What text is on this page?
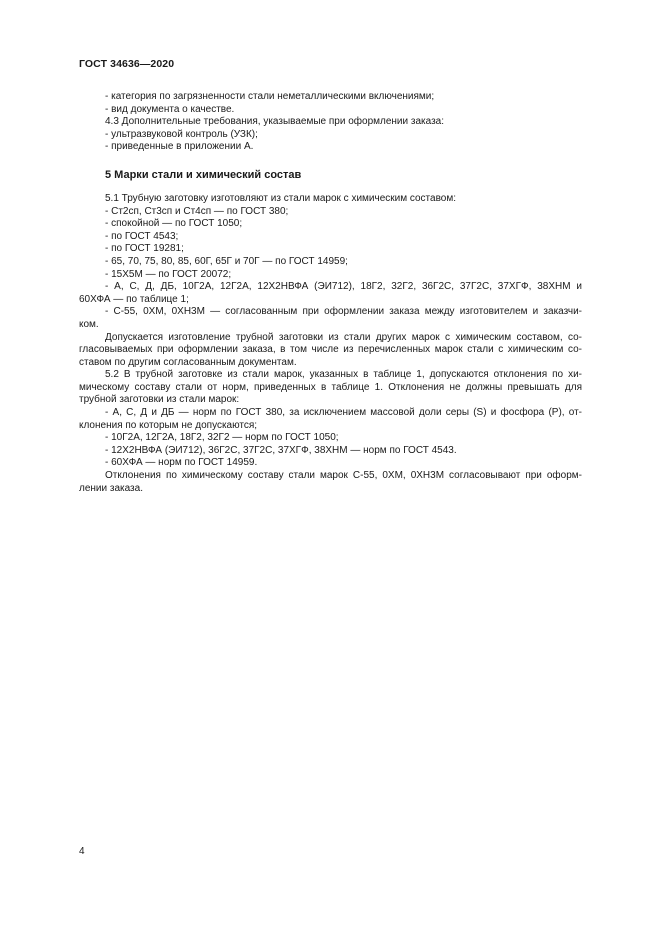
ГОСТ 34636—2020
- категория по загрязненности стали неметаллическими включениями;
- вид документа о качестве.
4.3 Дополнительные требования, указываемые при оформлении заказа:
- ультразвуковой контроль (УЗК);
- приведенные в приложении А.
5 Марки стали и химический состав
5.1 Трубную заготовку изготовляют из стали марок с химическим составом:
- Ст2сп, Ст3сп и Ст4сп — по ГОСТ 380;
- спокойной — по ГОСТ 1050;
- по ГОСТ 4543;
- по ГОСТ 19281;
- 65, 70, 75, 80, 85, 60Г, 65Г и 70Г — по ГОСТ 14959;
- 15Х5М — по ГОСТ 20072;
- А, С, Д, ДБ, 10Г2А, 12Г2А, 12Х2НВФА (ЭИ712), 18Г2, 32Г2, 36Г2С, 37Г2С, 37ХГФ, 38ХНМ и
60ХФА — по таблице 1;
- С-55, 0ХМ, 0ХН3М — согласованным при оформлении заказа между изготовителем и заказчи-
ком.
Допускается изготовление трубной заготовки из стали других марок с химическим составом, со-
гласовываемых при оформлении заказа, в том числе из перечисленных марок стали с химическим со-
ставом по другим согласованным документам.
5.2 В трубной заготовке из стали марок, указанных в таблице 1, допускаются отклонения по хи-
мическому составу стали от норм, приведенных в таблице 1. Отклонения не должны превышать для
трубной заготовки из стали марок:
- А, С, Д и ДБ — норм по ГОСТ 380, за исключением массовой доли серы (S) и фосфора (Р), от-
клонения по которым не допускаются;
- 10Г2А, 12Г2А, 18Г2, 32Г2 — норм по ГОСТ 1050;
- 12Х2НВФА (ЭИ712), 36Г2С, 37Г2С, 37ХГФ, 38ХНМ — норм по ГОСТ 4543.
- 60ХФА — норм по ГОСТ 14959.
Отклонения по химическому составу стали марок С-55, 0ХМ, 0ХН3М согласовывают при оформ-
лении заказа.
4
